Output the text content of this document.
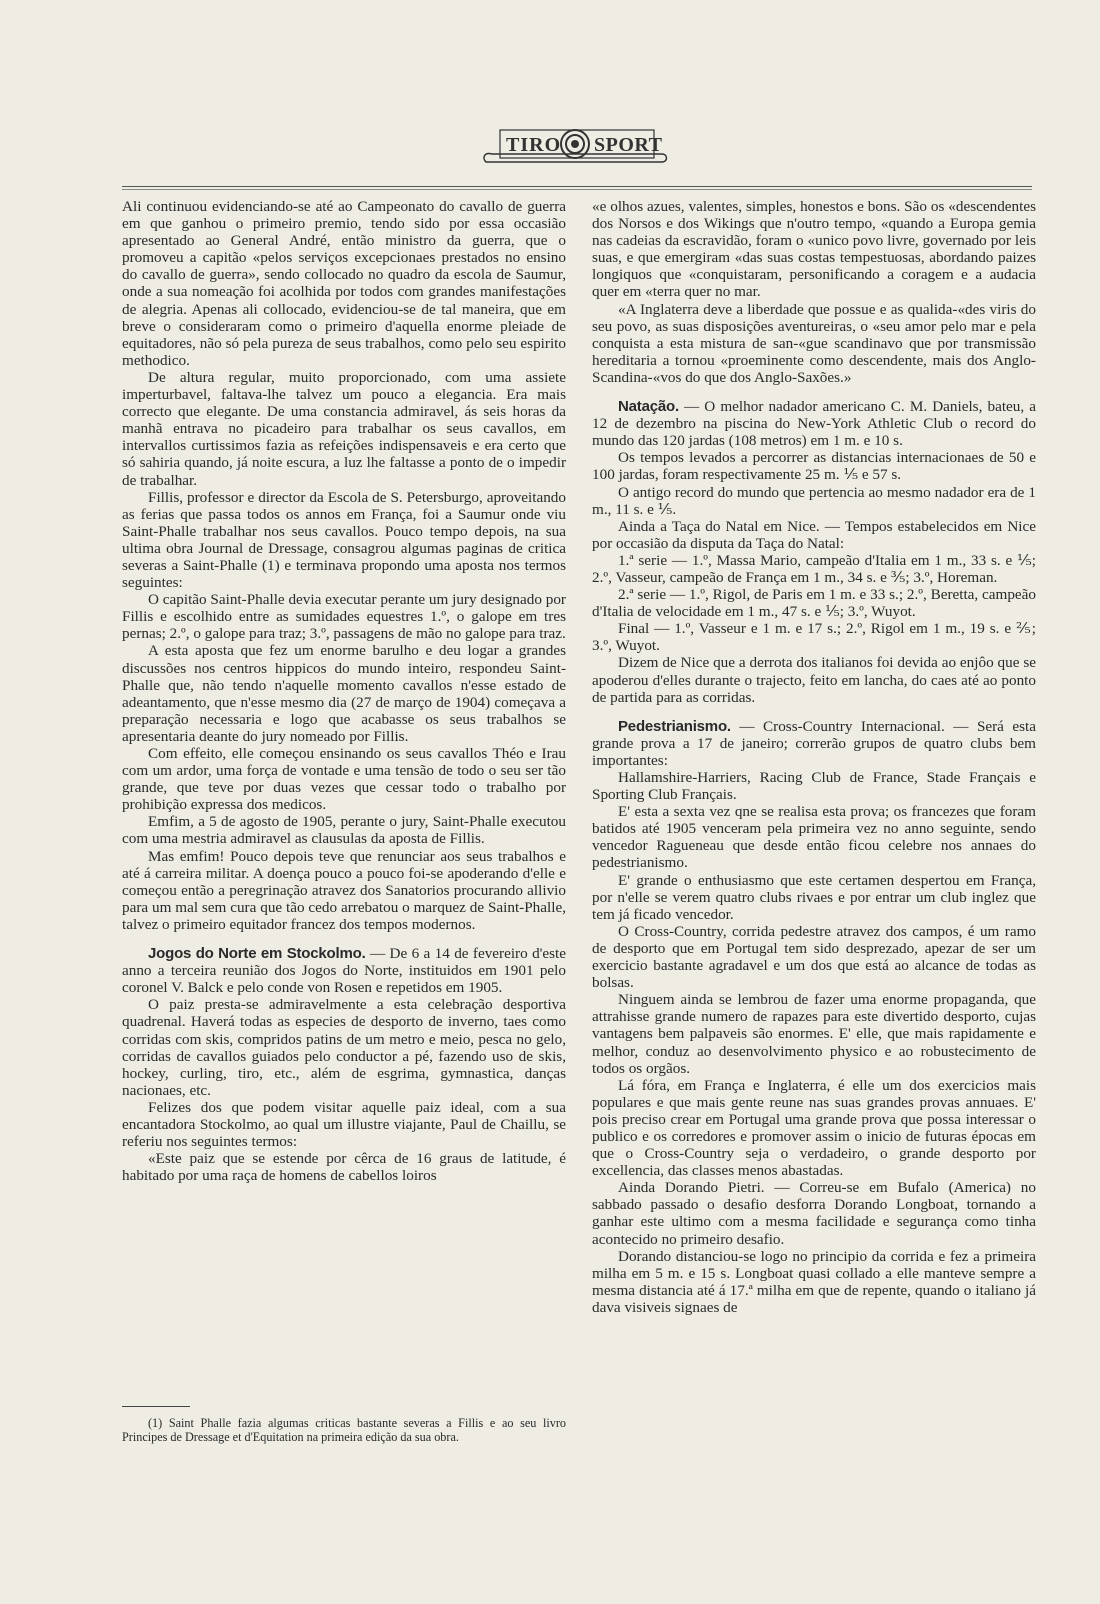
TIRO SPORT

Ali continuou evidenciando-se até ao Campeonato do cavallo de guerra em que ganhou o primeiro premio, tendo sido por essa occasião apresentado ao General André, então ministro da guerra, que o promoveu a capitão «pelos serviços excepcionaes prestados no ensino do cavallo de guerra», sendo collocado no quadro da escola de Saumur, onde a sua nomeação foi acolhida por todos com grandes manifestações de alegria. Apenas ali collocado, evidenciou-se de tal maneira, que em breve o consideraram como o primeiro d'aquella enorme pleiade de equitadores, não só pela pureza de seus trabalhos, como pelo seu espirito methodico.

De altura regular, muito proporcionado, com uma assiete imperturbavel, faltava-lhe talvez um pouco a elegancia. Era mais correcto que elegante. De uma constancia admiravel, ás seis horas da manhã entrava no picadeiro para trabalhar os seus cavallos, em intervallos curtissimos fazia as refeições indispensaveis e era certo que só sahiria quando, já noite escura, a luz lhe faltasse a ponto de o impedir de trabalhar.

Fillis, professor e director da Escola de S. Petersburgo, aproveitando as ferias que passa todos os annos em França, foi a Saumur onde viu Saint-Phalle trabalhar nos seus cavallos. Pouco tempo depois, na sua ultima obra Journal de Dressage, consagrou algumas paginas de critica severas a Saint-Phalle (1) e terminava propondo uma aposta nos termos seguintes:

O capitão Saint-Phalle devia executar perante um jury designado por Fillis e escolhido entre as sumidades equestres 1.º, o galope em tres pernas; 2.º, o galope para traz; 3.º, passagens de mão no galope para traz.

A esta aposta que fez um enorme barulho e deu logar a grandes discussões nos centros hippicos do mundo inteiro, respondeu Saint-Phalle que, não tendo n'aquelle momento cavallos n'esse estado de adeantamento, que n'esse mesmo dia (27 de março de 1904) começava a preparação necessaria e logo que acabasse os seus trabalhos se apresentaria deante do jury nomeado por Fillis.

Com effeito, elle começou ensinando os seus cavallos Théo e Irau com um ardor, uma força de vontade e uma tensão de todo o seu ser tão grande, que teve por duas vezes que cessar todo o trabalho por prohibição expressa dos medicos.

Emfim, a 5 de agosto de 1905, perante o jury, Saint-Phalle executou com uma mestria admiravel as clausulas da aposta de Fillis.

Mas emfim! Pouco depois teve que renunciar aos seus trabalhos e até á carreira militar. A doença pouco a pouco foi-se apoderando d'elle e começou então a peregrinação atravez dos Sanatorios procurando allivio para um mal sem cura que tão cedo arrebatou o marquez de Saint-Phalle, talvez o primeiro equitador francez dos tempos modernos.

Jogos do Norte em Stockolmo. — De 6 a 14 de fevereiro d'este anno a terceira reunião dos Jogos do Norte, instituidos em 1901 pelo coronel V. Balck e pelo conde von Rosen e repetidos em 1905.

O paiz presta-se admiravelmente a esta celebração desportiva quadrenal. Haverá todas as especies de desporto de inverno, taes como corridas com skis, compridos patins de um metro e meio, pesca no gelo, corridas de cavallos guiados pelo conductor a pé, fazendo uso de skis, hockey, curling, tiro, etc., além de esgrima, gymnastica, danças nacionaes, etc.

Felizes dos que podem visitar aquelle paiz ideal, com a sua encantadora Stockolmo, ao qual um illustre viajante, Paul de Chaillu, se referiu nos seguintes termos:

«Este paiz que se estende por cêrca de 16 graus de latitude, é habitado por uma raça de homens de cabellos loiros

(1) Saint Phalle fazia algumas criticas bastante severas a Fillis e ao seu livro Principes de Dressage et d'Equitation na primeira edição da sua obra.

«e olhos azues, valentes, simples, honestos e bons. São os «descendentes dos Norsos e dos Wikings que n'outro tempo, «quando a Europa gemia nas cadeias da escravidão, foram o «unico povo livre, governado por leis suas, e que emergiram «das suas costas tempestuosas, abordando paizes longiquos que «conquistaram, personificando a coragem e a audacia quer em «terra quer no mar.

«A Inglaterra deve a liberdade que possue e as qualida-«des viris do seu povo, as suas disposições aventureiras, o «seu amor pelo mar e pela conquista a esta mistura de san-«gue scandinavo que por transmissão hereditaria a tornou «proeminente como descendente, mais dos Anglo-Scandina-«vos do que dos Anglo-Saxões.»

Natação. — O melhor nadador americano C. M. Daniels, bateu, a 12 de dezembro na piscina do New-York Athletic Club o record do mundo das 120 jardas (108 metros) em 1 m. e 10 s.

Os tempos levados a percorrer as distancias internacionaes de 50 e 100 jardas, foram respectivamente 25 m. ⅕ e 57 s.

O antigo record do mundo que pertencia ao mesmo nadador era de 1 m., 11 s. e ⅕.

Ainda a Taça do Natal em Nice. — Tempos estabelecidos em Nice por occasião da disputa da Taça do Natal:

1.ª serie — 1.º, Massa Mario, campeão d'Italia em 1 m., 33 s. e ⅕; 2.º, Vasseur, campeão de França em 1 m., 34 s. e ⅗; 3.º, Horeman.

2.ª serie — 1.º, Rigol, de Paris em 1 m. e 33 s.; 2.º, Beretta, campeão d'Italia de velocidade em 1 m., 47 s. e ⅕; 3.º, Wuyot.

Final — 1.º, Vasseur e 1 m. e 17 s.; 2.º, Rigol em 1 m., 19 s. e ⅖; 3.º, Wuyot.

Dizem de Nice que a derrota dos italianos foi devida ao enjôo que se apoderou d'elles durante o trajecto, feito em lancha, do caes até ao ponto de partida para as corridas.

Pedestrianismo. — Cross-Country Internacional. — Será esta grande prova a 17 de janeiro; correrão grupos de quatro clubs bem importantes:

Hallamshire-Harriers, Racing Club de France, Stade Français e Sporting Club Français.

E' esta a sexta vez qne se realisa esta prova; os francezes que foram batidos até 1905 venceram pela primeira vez no anno seguinte, sendo vencedor Ragueneau que desde então ficou celebre nos annaes do pedestrianismo.

E' grande o enthusiasmo que este certamen despertou em França, por n'elle se verem quatro clubs rivaes e por entrar um club inglez que tem já ficado vencedor.

O Cross-Country, corrida pedestre atravez dos campos, é um ramo de desporto que em Portugal tem sido desprezado, apezar de ser um exercicio bastante agradavel e um dos que está ao alcance de todas as bolsas.

Ninguem ainda se lembrou de fazer uma enorme propaganda, que attrahisse grande numero de rapazes para este divertido desporto, cujas vantagens bem palpaveis são enormes. E' elle, que mais rapidamente e melhor, conduz ao desenvolvimento physico e ao robustecimento de todos os orgãos.

Lá fóra, em França e Inglaterra, é elle um dos exercicios mais populares e que mais gente reune nas suas grandes provas annuaes. E' pois preciso crear em Portugal uma grande prova que possa interessar o publico e os corredores e promover assim o inicio de futuras épocas em que o Cross-Country seja o verdadeiro, o grande desporto por excellencia, das classes menos abastadas.

Ainda Dorando Pietri. — Correu-se em Bufalo (America) no sabbado passado o desafio desforra Dorando Longboat, tornando a ganhar este ultimo com a mesma facilidade e segurança como tinha acontecido no primeiro desafio.

Dorando distanciou-se logo no principio da corrida e fez a primeira milha em 5 m. e 15 s. Longboat quasi collado a elle manteve sempre a mesma distancia até á 17.ª milha em que de repente, quando o italiano já dava visiveis signaes de
